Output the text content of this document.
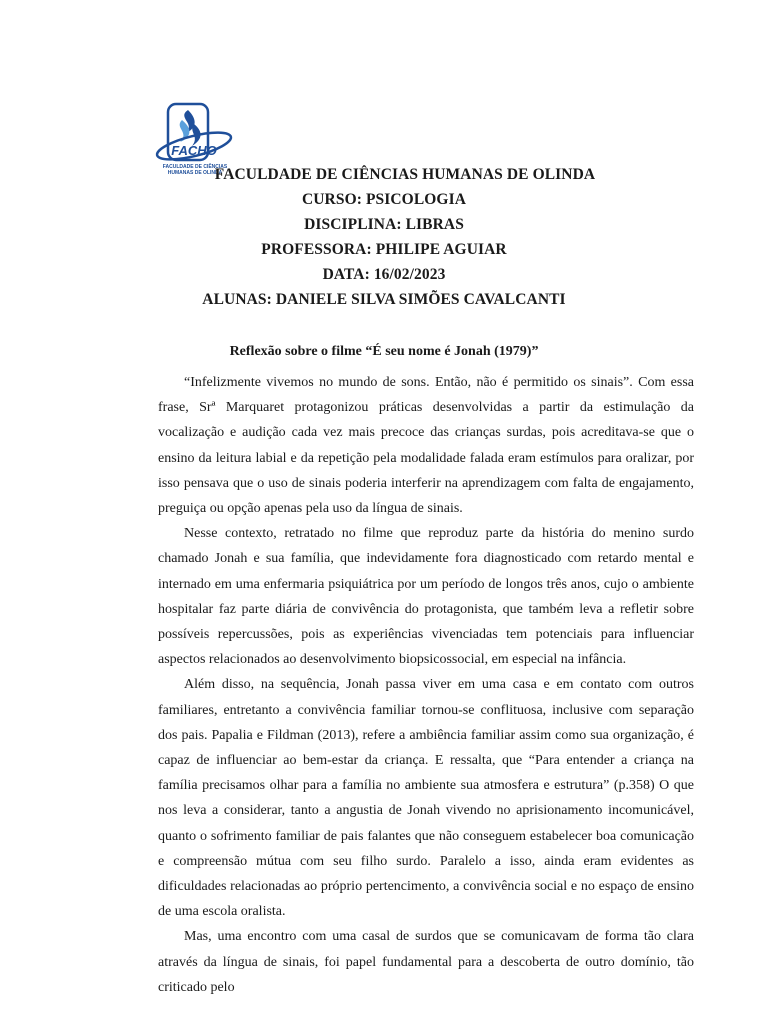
FACHO
FACULDADE DE CIÊNCIAS
HUMANAS DE OLINDA
FACULDADE DE CIÊNCIAS HUMANAS DE OLINDA
CURSO: PSICOLOGIA
DISCIPLINA: LIBRAS
PROFESSORA: PHILIPE AGUIAR
DATA: 16/02/2023
ALUNAS: DANIELE SILVA SIMÕES CAVALCANTI
Reflexão sobre o filme “É seu nome é Jonah (1979)”

“Infelizmente vivemos no mundo de sons. Então, não é permitido os sinais”. Com essa frase, Srª Marquaret protagonizou práticas desenvolvidas a partir da estimulação da vocalização e audição cada vez mais precoce das crianças surdas, pois acreditava-se que o ensino da leitura labial e da repetição pela modalidade falada eram estímulos para oralizar, por isso pensava que o uso de sinais poderia interferir na aprendizagem com falta de engajamento, preguiça ou opção apenas pela uso da língua de sinais.

Nesse contexto, retratado no filme que reproduz parte da história do menino surdo chamado Jonah e sua família, que indevidamente fora diagnosticado com retardo mental e internado em uma enfermaria psiquiátrica por um período de longos três anos, cujo o ambiente hospitalar faz parte diária de convivência do protagonista, que também leva a refletir sobre possíveis repercussões, pois as experiências vivenciadas tem potenciais para influenciar aspectos relacionados ao desenvolvimento biopsicossocial, em especial na infância.

Além disso, na sequência, Jonah passa viver em uma casa e em contato com outros familiares, entretanto a convivência familiar tornou-se conflituosa, inclusive com separação dos pais. Papalia e Fildman (2013), refere a ambiência familiar assim como sua organização, é capaz de influenciar ao bem-estar da criança. E ressalta, que “Para entender a criança na família precisamos olhar para a família no ambiente sua atmosfera e estrutura” (p.358) O que nos leva a considerar, tanto a angustia de Jonah vivendo no aprisionamento incomunicável, quanto o sofrimento familiar de pais falantes que não conseguem estabelecer boa comunicação e compreensão mútua com seu filho surdo. Paralelo a isso, ainda eram evidentes as dificuldades relacionadas ao próprio pertencimento, a convivência social e no espaço de ensino de uma escola oralista.

Mas, uma encontro com uma casal de surdos que se comunicavam de forma tão clara através da língua de sinais, foi papel fundamental para a descoberta de outro domínio, tão criticado pelo
